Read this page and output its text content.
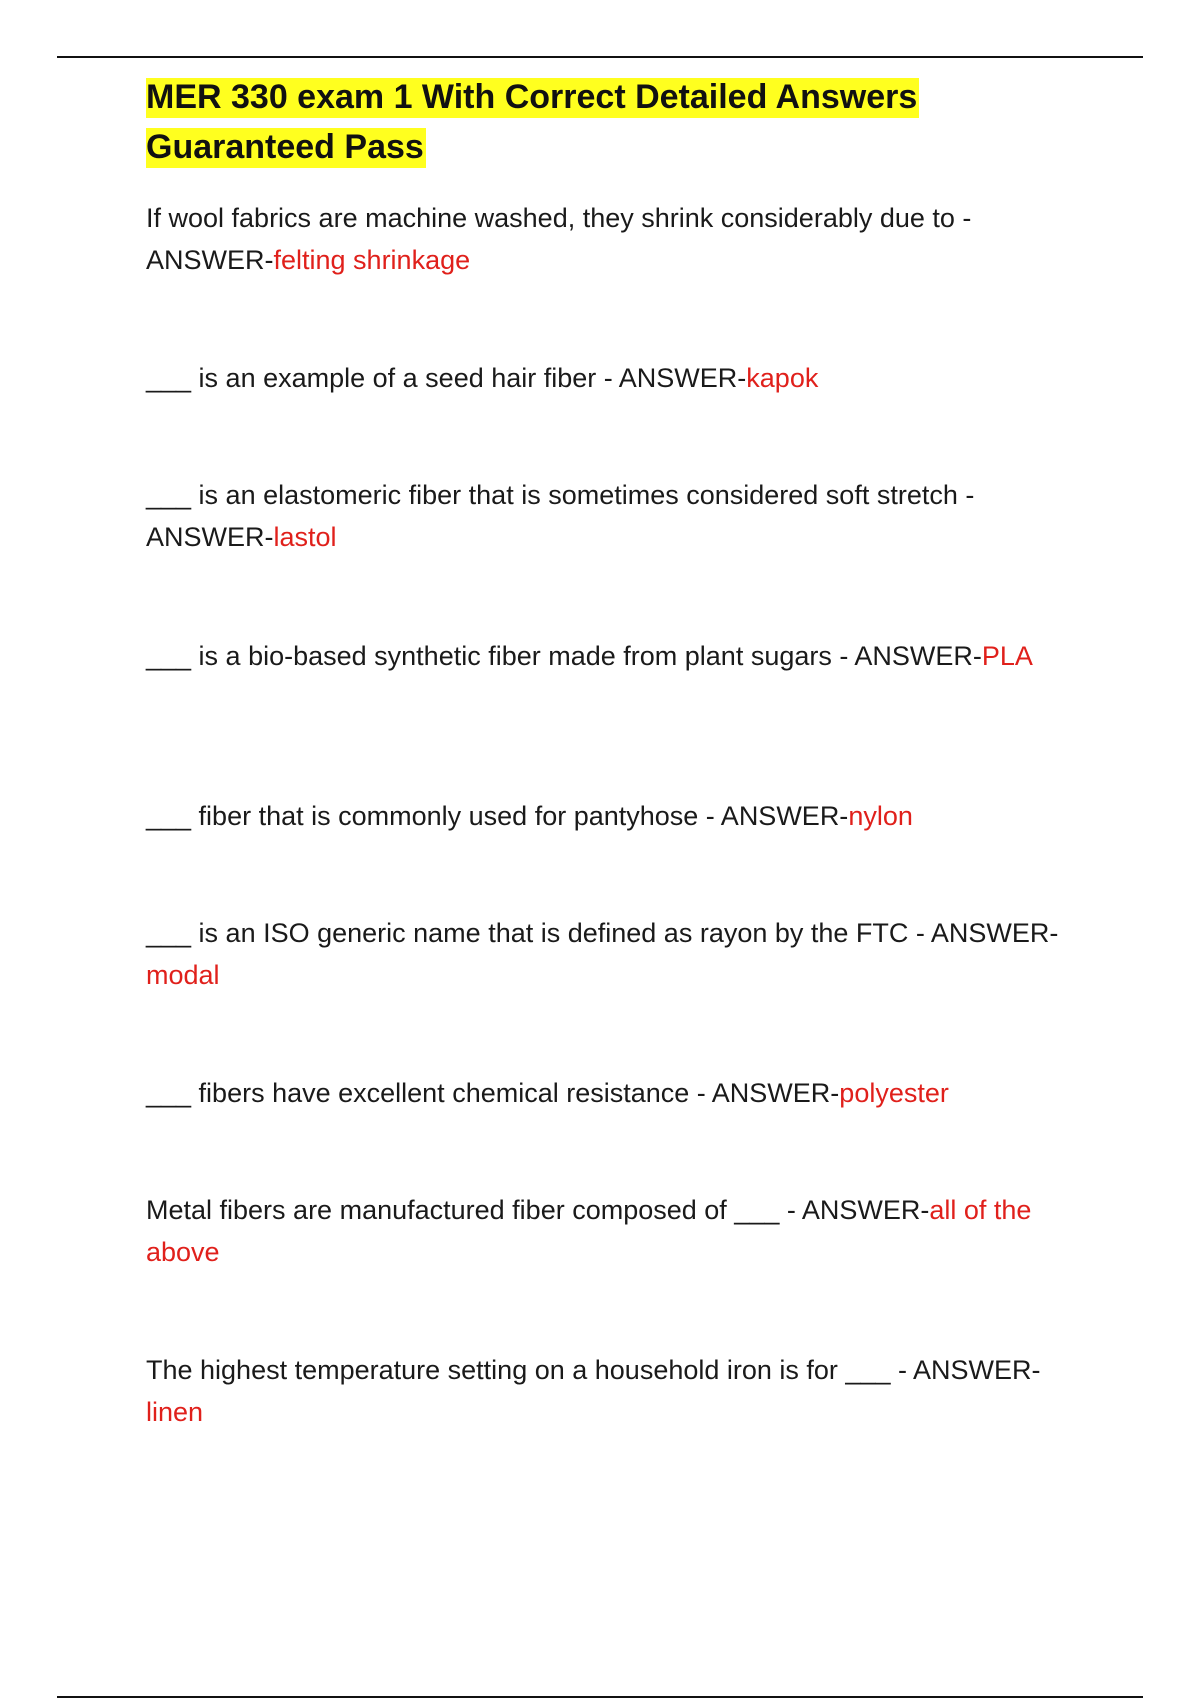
MER 330 exam 1 With Correct Detailed Answers
Guaranteed Pass

If wool fabrics are machine washed, they shrink considerably due to - ANSWER-felting shrinkage

___ is an example of a seed hair fiber - ANSWER-kapok

___ is an elastomeric fiber that is sometimes considered soft stretch - ANSWER-lastol

___ is a bio-based synthetic fiber made from plant sugars - ANSWER-PLA

___ fiber that is commonly used for pantyhose - ANSWER-nylon

___ is an ISO generic name that is defined as rayon by the FTC - ANSWER-modal

___ fibers have excellent chemical resistance - ANSWER-polyester

Metal fibers are manufactured fiber composed of ___ - ANSWER-all of the above

The highest temperature setting on a household iron is for ___ - ANSWER-linen
